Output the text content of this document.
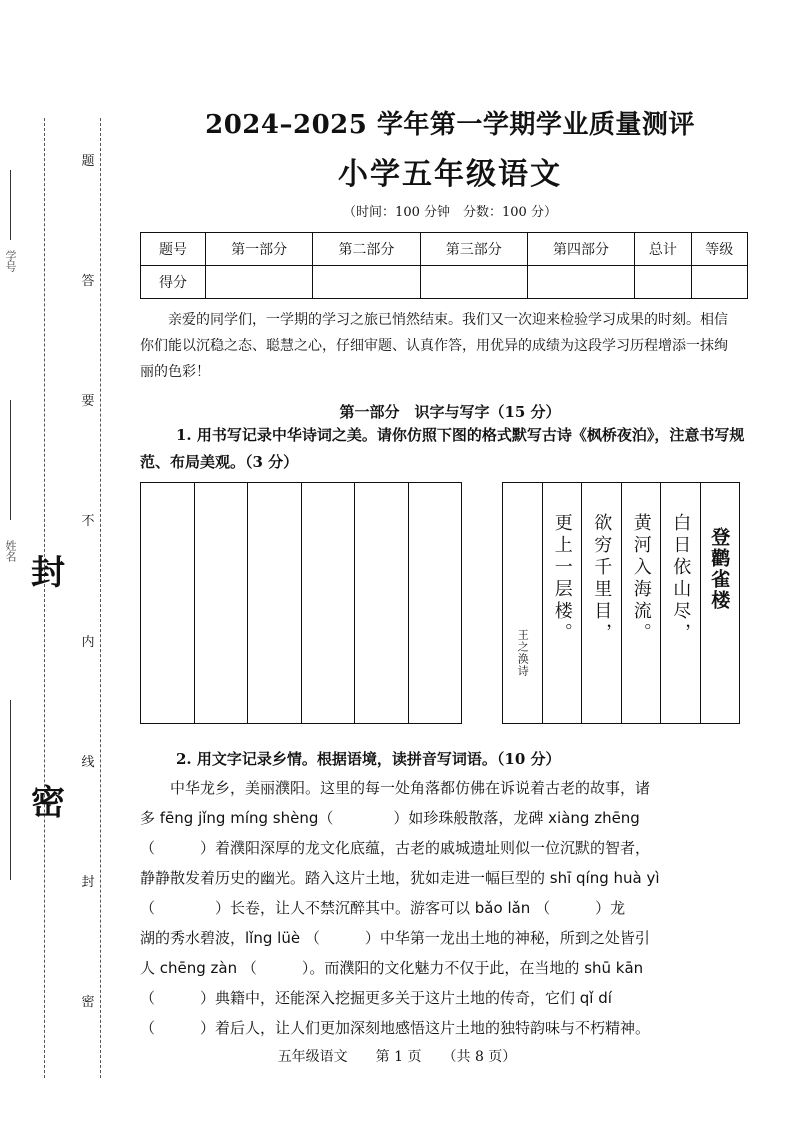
题
答
要
不
内
线
封
密
封
密
学号
姓名
2024–2025 学年第一学期学业质量测评
小学五年级语文
（时间：100 分钟　分数：100 分）
题号	第一部分	第二部分	第三部分	第四部分	总计	等级
得分						
亲爱的同学们，一学期的学习之旅已悄然结束。我们又一次迎来检验学习成果的时刻。相信你们能以沉稳之态、聪慧之心，仔细审题、认真作答，用优异的成绩为这段学习历程增添一抹绚丽的色彩！
第一部分　识字与写字（15 分）
1. 用书写记录中华诗词之美。请你仿照下图的格式默写古诗《枫桥夜泊》，注意书写规范、布局美观。（3 分）
王之涣诗
更上一层楼。 欲穷千里目， 黄河入海流。 白日依山尽， 登鹳雀楼
2. 用文字记录乡情。根据语境，读拼音写词语。（10 分）
中华龙乡，美丽濮阳。这里的每一处角落都仿佛在诉说着古老的故事，诸
多 fēng jǐng míng shèng（　　　　）如珍珠般散落，龙碑 xiàng zhēng
（　　　）着濮阳深厚的龙文化底蕴，古老的戚城遗址则似一位沉默的智者，
静静散发着历史的幽光。踏入这片土地，犹如走进一幅巨型的 shī qíng huà yì
（　　　　）长卷，让人不禁沉醉其中。游客可以 bǎo lǎn （　　　）龙
湖的秀水碧波，lǐng lüè （　　　）中华第一龙出土地的神秘，所到之处皆引
人 chēng zàn （　　　）。而濮阳的文化魅力不仅于此，在当地的 shū kān
（　　　）典籍中，还能深入挖掘更多关于这片土地的传奇，它们 qǐ dí
（　　　）着后人，让人们更加深刻地感悟这片土地的独特韵味与不朽精神。
五年级语文　　第 1 页　　（共 8 页）
